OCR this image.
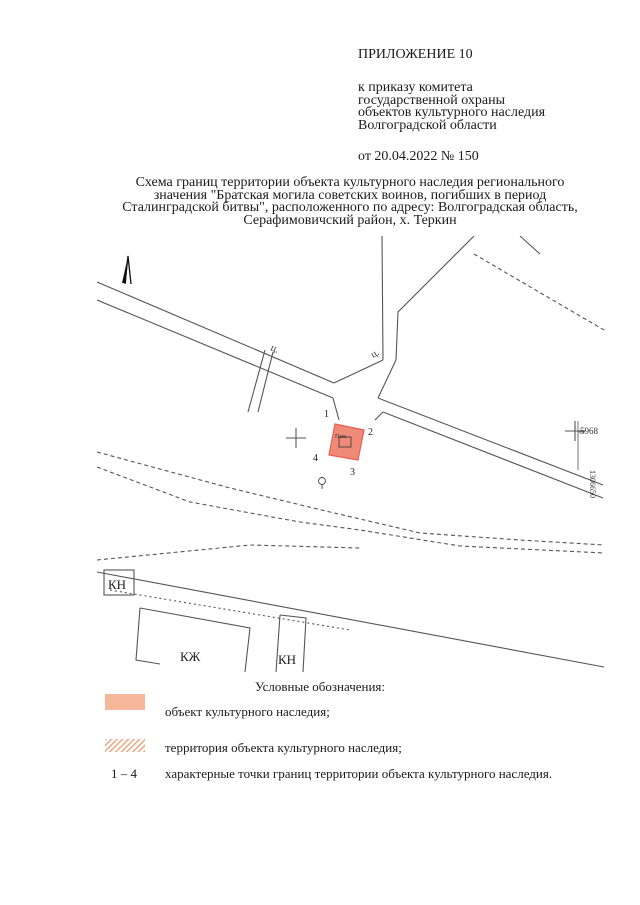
ПРИЛОЖЕНИЕ 10
к приказу комитета
государственной охраны
объектов культурного наследия
Волгоградской области
от 20.04.2022 № 150
Схема границ территории объекта культурного наследия регионального
значения "Братская могила советских воинов, погибших в период
Сталинградской битвы", расположенного по адресу: Волгоградская область,
Серафимовичский район, х. Теркин
ц.	ц.
Пам.
1
2
3
4
5968
1306650
КН
КЖ	КН
Условные обозначения:
объект культурного наследия;
территория объекта культурного наследия;
1 – 4 характерные точки границ территории объекта культурного наследия.
